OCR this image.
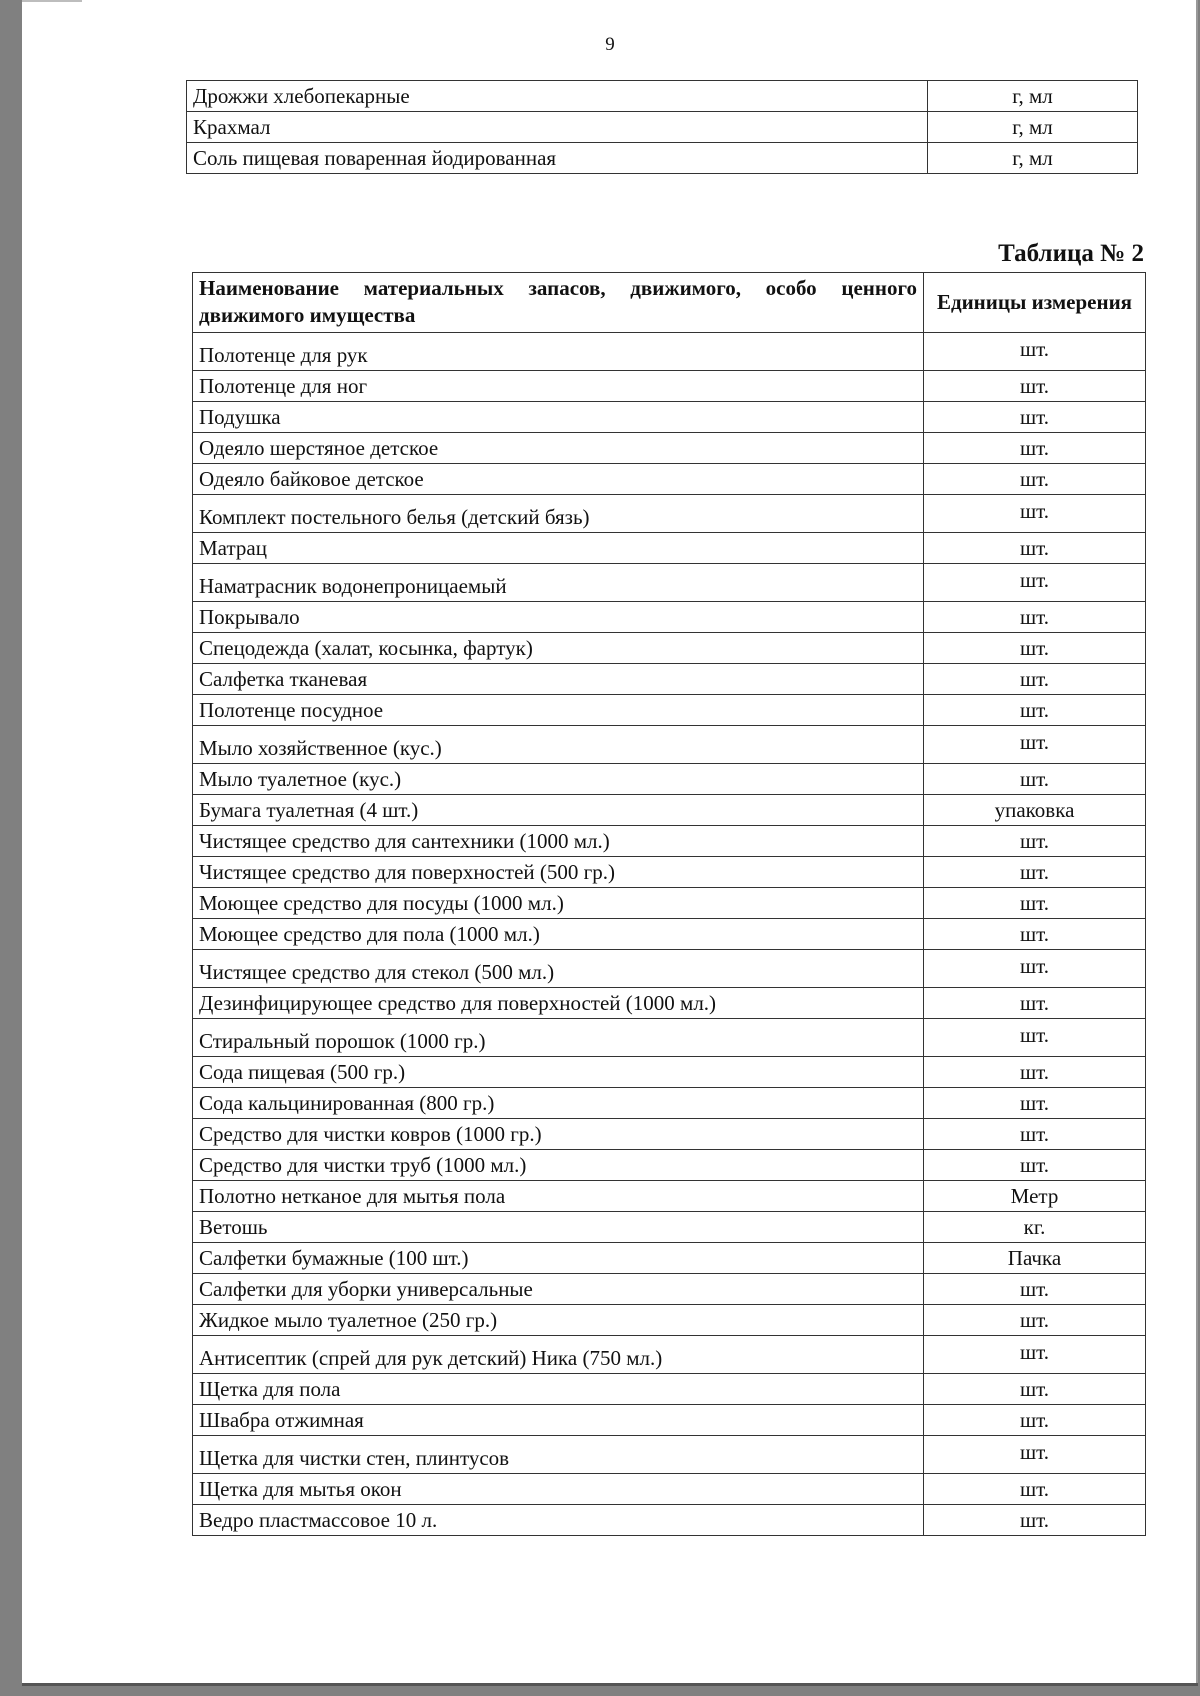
9
Дрожжи хлебопекарные	г, мл
Крахмал	г, мл
Соль пищевая поваренная йодированная	г, мл
Таблица № 2
Наименование материальных запасов, движимого, особо ценного движимого имущества	Единицы измерения
Полотенце для рук	шт.
Полотенце для ног	шт.
Подушка	шт.
Одеяло шерстяное детское	шт.
Одеяло байковое детское	шт.
Комплект постельного белья (детский бязь)	шт.
Матрац	шт.
Наматрасник водонепроницаемый	шт.
Покрывало	шт.
Спецодежда (халат, косынка, фартук)	шт.
Салфетка тканевая	шт.
Полотенце посудное	шт.
Мыло хозяйственное (кус.)	шт.
Мыло туалетное (кус.)	шт.
Бумага туалетная (4 шт.)	упаковка
Чистящее средство для сантехники (1000 мл.)	шт.
Чистящее средство для поверхностей (500 гр.)	шт.
Моющее средство для посуды (1000 мл.)	шт.
Моющее средство для пола (1000 мл.)	шт.
Чистящее средство для стекол (500 мл.)	шт.
Дезинфицирующее средство для поверхностей (1000 мл.)	шт.
Стиральный порошок (1000 гр.)	шт.
Сода пищевая (500 гр.)	шт.
Сода кальцинированная (800 гр.)	шт.
Средство для чистки ковров (1000 гр.)	шт.
Средство для чистки труб (1000 мл.)	шт.
Полотно нетканое для мытья пола	Метр
Ветошь	кг.
Салфетки бумажные (100 шт.)	Пачка
Салфетки для уборки универсальные	шт.
Жидкое мыло туалетное (250 гр.)	шт.
Антисептик (спрей для рук детский) Ника (750 мл.)	шт.
Щетка для пола	шт.
Швабра отжимная	шт.
Щетка для чистки стен, плинтусов	шт.
Щетка для мытья окон	шт.
Ведро пластмассовое 10 л.	шт.
